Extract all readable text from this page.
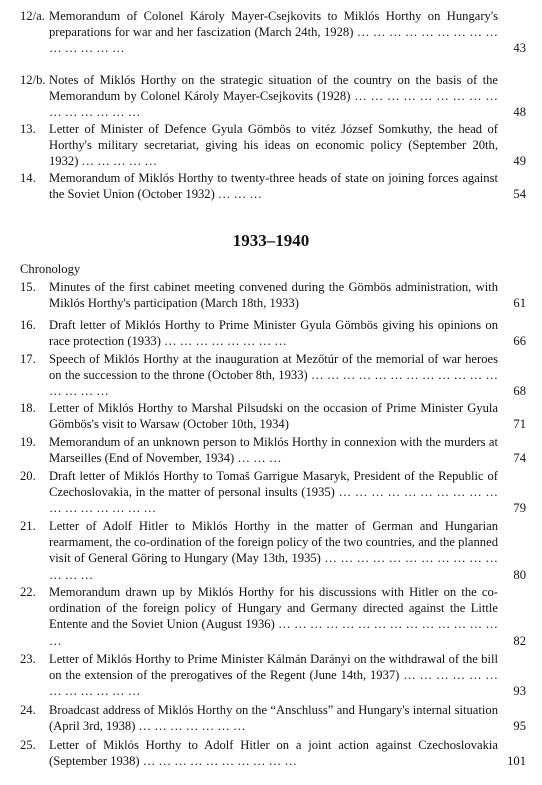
12/a. Memorandum of Colonel Károly Mayer-Csejkovits to Miklós Horthy on Hungary's preparations for war and her fascization (March 24th, 1928) … … … … … … … … … … … … … …	43
12/b. Notes of Miklós Horthy on the strategic situation of the country on the basis of the Memorandum by Colonel Károly Mayer-Csejkovits (1928) … … … … … … … … … … … … … … …	48
13.	Letter of Minister of Defence Gyula Gömbös to vitéz József Somkuthy, the head of Horthy's military secretariat, giving his ideas on economic policy (September 20th, 1932) … … … … …	49
14.	Memorandum of Miklós Horthy to twenty-three heads of state on joining forces against the Soviet Union (October 1932) … … …	54
1933–1940
Chronology
15.	Minutes of the first cabinet meeting convened during the Gömbös administration, with Miklós Horthy's participation (March 18th, 1933)	61
16.	Draft letter of Miklós Horthy to Prime Minister Gyula Gömbös giving his opinions on race protection (1933) … … … … … … … …	66
17.	Speech of Miklós Horthy at the inauguration at Mezőtúr of the memorial of war heroes on the succession to the throne (October 8th, 1933) … … … … … … … … … … … … … … … …	68
18.	Letter of Miklós Horthy to Marshal Pilsudski on the occasion of Prime Minister Gyula Gömbös's visit to Warsaw (October 10th, 1934)	71
19.	Memorandum of an unknown person to Miklós Horthy in connexion with the murders at Marseilles (End of November, 1934) … … …	74
20.	Draft letter of Miklós Horthy to Tomaš Garrigue Masaryk, President of the Republic of Czechoslovakia, in the matter of personal insults (1935) … … … … … … … … … … … … … … … … …	79
21.	Letter of Adolf Hitler to Miklós Horthy in the matter of German and Hungarian rearmament, the co-ordination of the foreign policy of the two countries, and the planned visit of General Göring to Hungary (May 13th, 1935) … … … … … … … … … … … … … …	80
22.	Memorandum drawn up by Miklós Horthy for his discussions with Hitler on the co-ordination of the foreign policy of Hungary and Germany directed against the Little Entente and the Soviet Union (August 1936) … … … … … … … … … … … … … … …	82
23.	Letter of Miklós Horthy to Prime Minister Kálmán Darányi on the withdrawal of the bill on the extension of the prerogatives of the Regent (June 14th, 1937) … … … … … … … … … … … …	93
24.	Broadcast address of Miklós Horthy on the “Anschluss” and Hungary's internal situation (April 3rd, 1938) … … … … … … …	95
25.	Letter of Miklós Horthy to Adolf Hitler on a joint action against Czechoslovakia (September 1938) … … … … … … … … … …	101
